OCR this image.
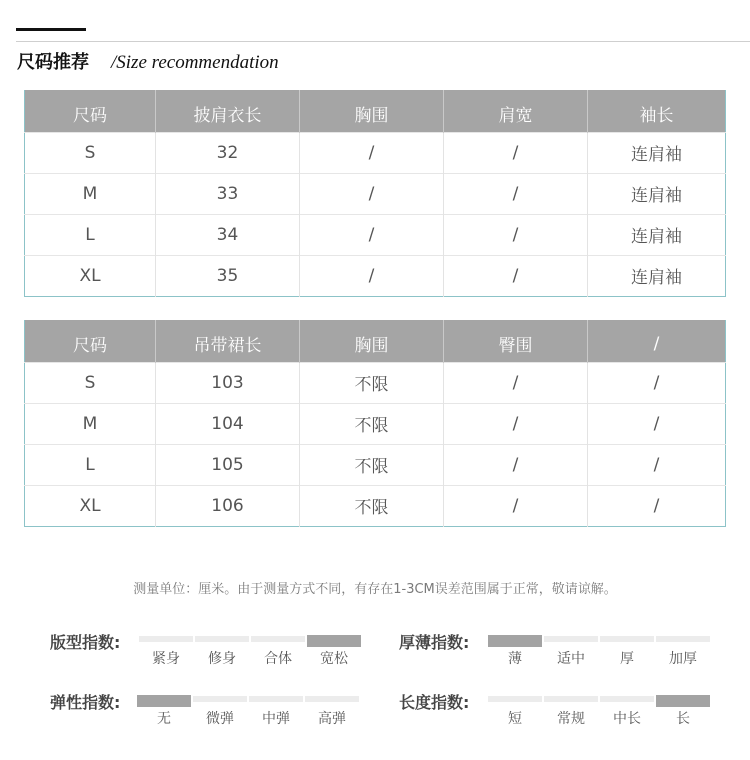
尺码推荐 /Size recommendation
尺码	披肩衣长	胸围	肩宽	袖长
S	32	/	/	连肩袖
M	33	/	/	连肩袖
L	34	/	/	连肩袖
XL	35	/	/	连肩袖
尺码	吊带裙长	胸围	臀围	/
S	103	不限	/	/
M	104	不限	/	/
L	105	不限	/	/
XL	106	不限	/	/
测量单位：厘米。由于测量方式不同，有存在1-3CM误差范围属于正常，敬请谅解。
版型指数:
紧身	修身	合体	宽松
厚薄指数:
薄	适中	厚	加厚
弹性指数:
无	微弹	中弹	高弹
长度指数:
短	常规	中长	长
